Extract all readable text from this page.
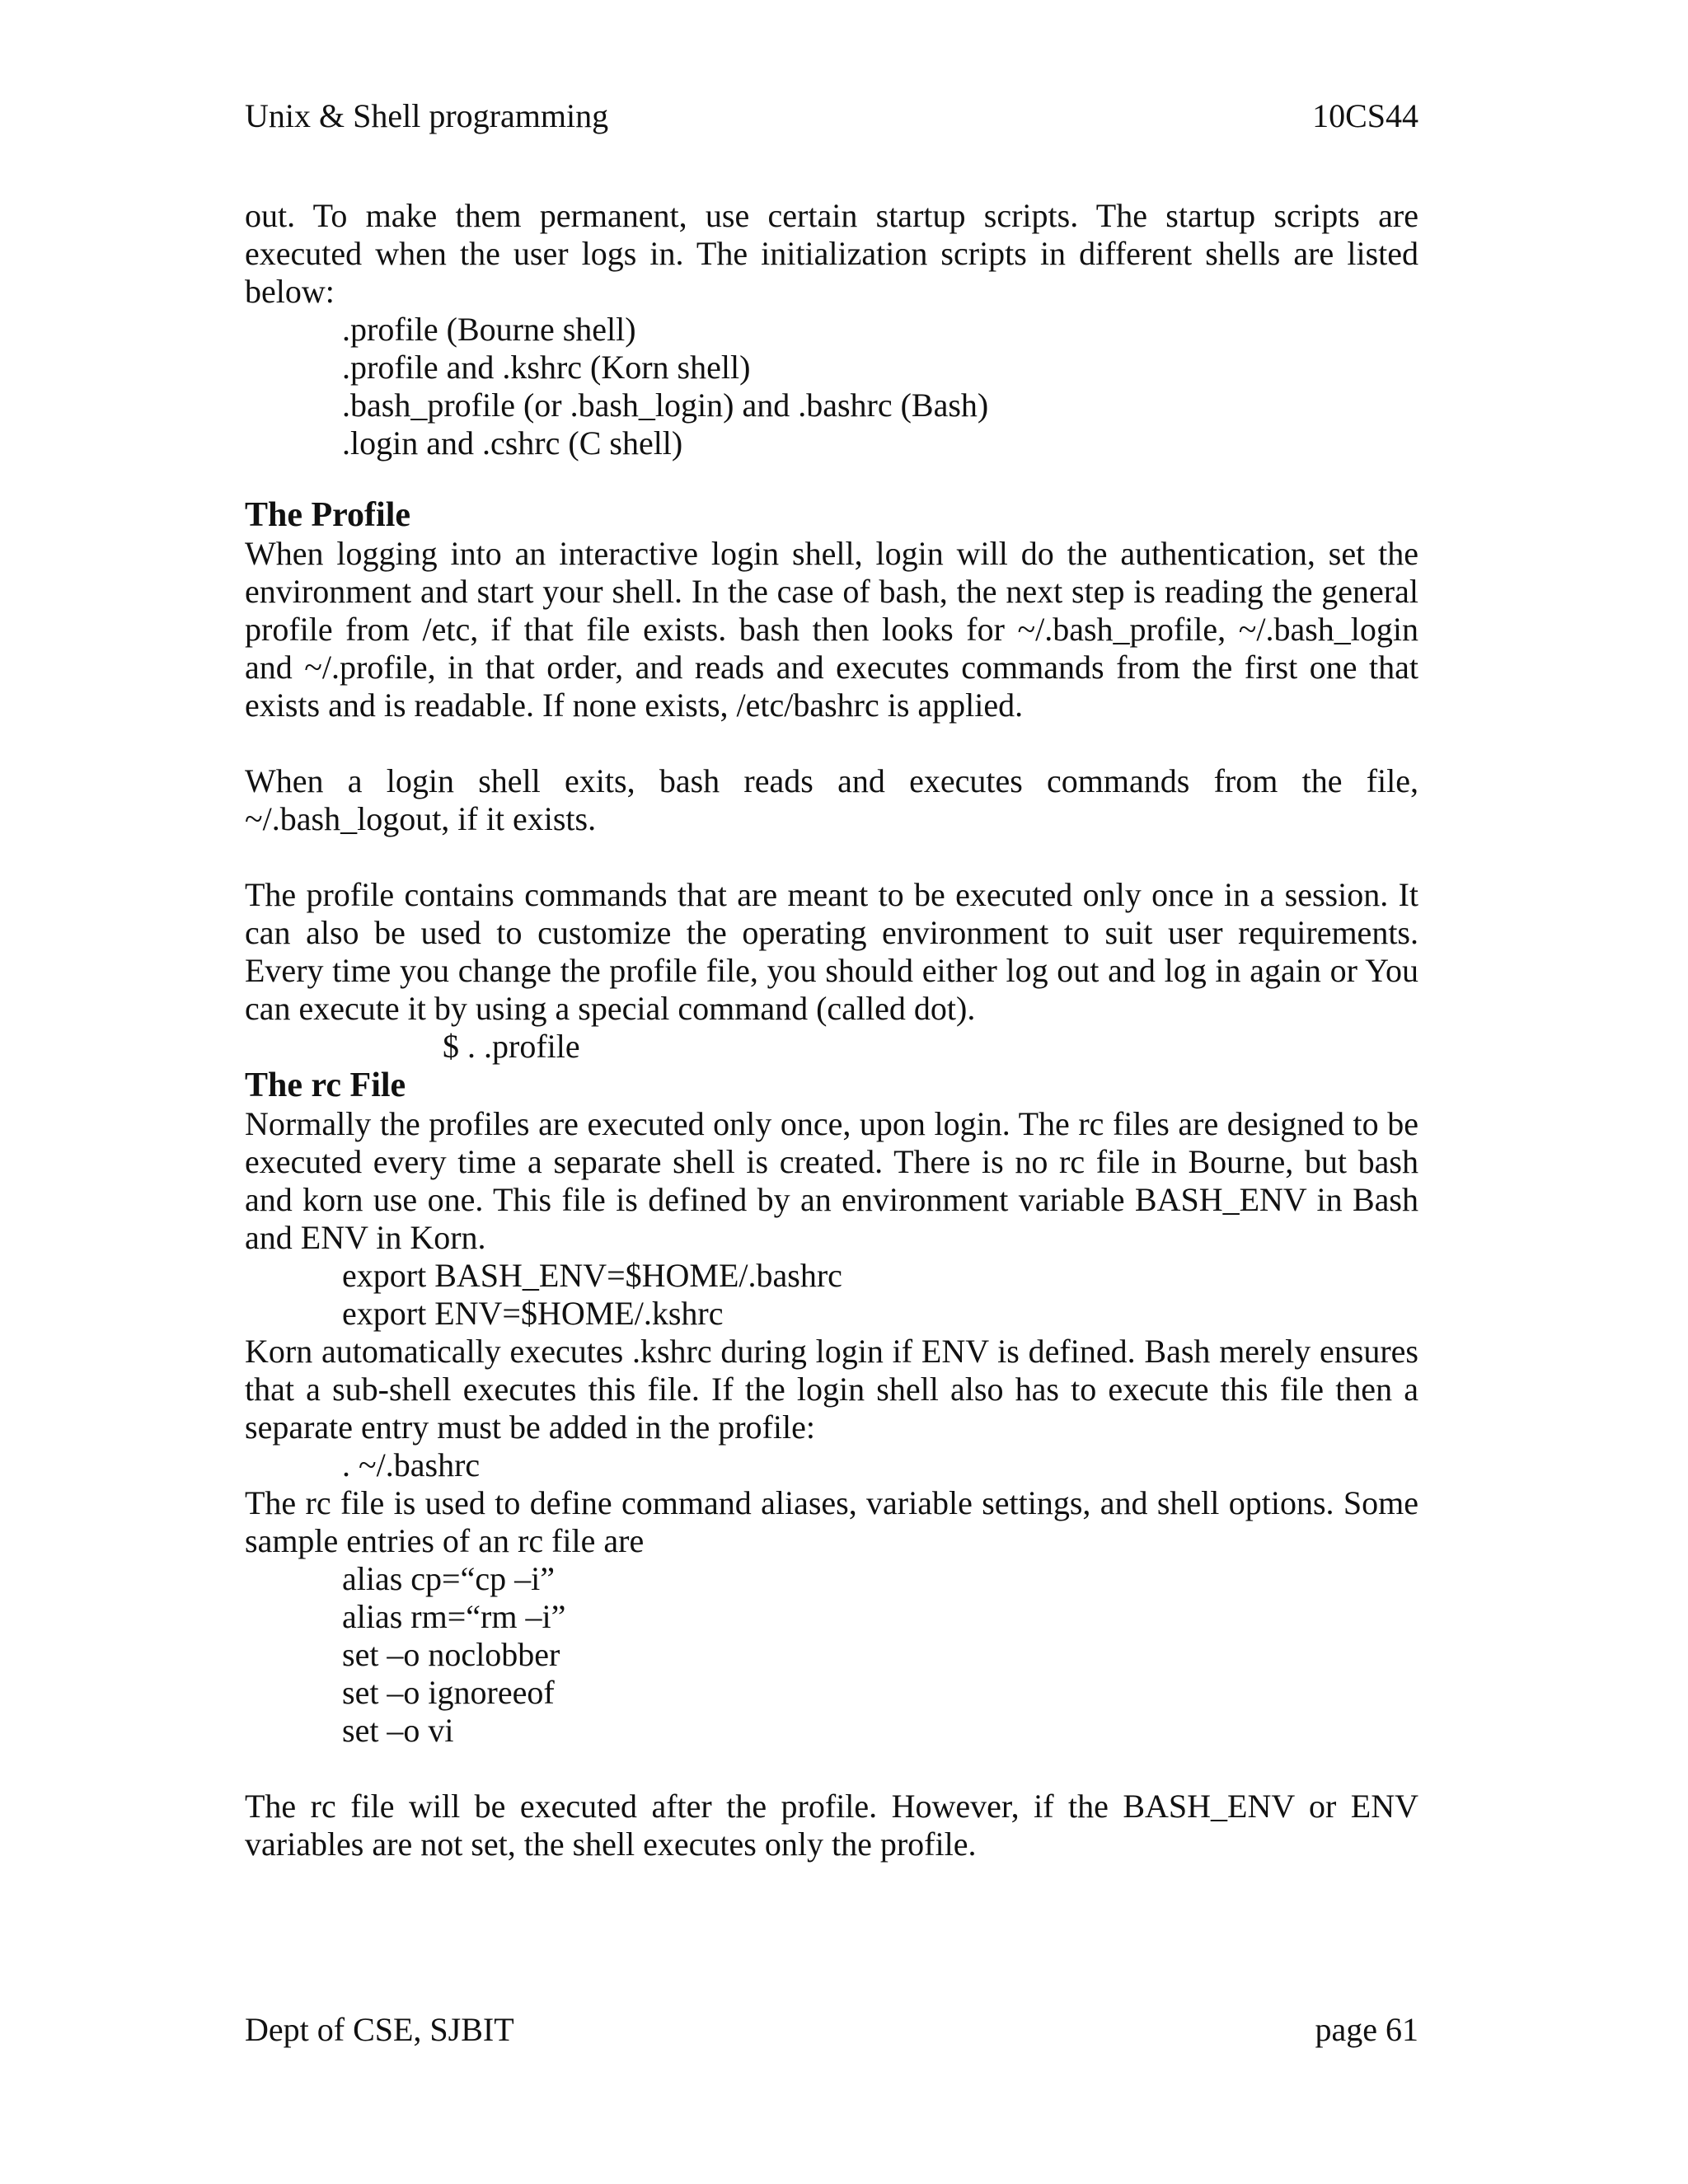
Unix & Shell programming	10CS44

out. To make them permanent, use certain startup scripts. The startup scripts are executed when the user logs in. The initialization scripts in different shells are listed below:

.profile (Bourne shell)
.profile and .kshrc (Korn shell)
.bash_profile (or .bash_login) and .bashrc (Bash)
.login and .cshrc (C shell)
The Profile

When logging into an interactive login shell, login will do the authentication, set the environment and start your shell. In the case of bash, the next step is reading the general profile from /etc, if that file exists. bash then looks for ~/.bash_profile, ~/.bash_login and ~/.profile, in that order, and reads and executes commands from the first one that exists and is readable. If none exists, /etc/bashrc is applied.

When a login shell exits, bash reads and executes commands from the file,
~/.bash_logout, if it exists.

The profile contains commands that are meant to be executed only once in a session. It can also be used to customize the operating environment to suit user requirements. Every time you change the profile file, you should either log out and log in again or You can execute it by using a special command (called dot).

$ . .profile
The rc File

Normally the profiles are executed only once, upon login. The rc files are designed to be executed every time a separate shell is created. There is no rc file in Bourne, but bash and korn use one. This file is defined by an environment variable BASH_ENV in Bash and ENV in Korn.

export BASH_ENV=$HOME/.bashrc
export ENV=$HOME/.kshrc

Korn automatically executes .kshrc during login if ENV is defined. Bash merely ensures that a sub-shell executes this file. If the login shell also has to execute this file then a separate entry must be added in the profile:

. ~/.bashrc

The rc file is used to define command aliases, variable settings, and shell options. Some sample entries of an rc file are

alias cp=“cp –i”
alias rm=“rm –i”
set –o noclobber
set –o ignoreeof
set –o vi

The rc file will be executed after the profile. However, if the BASH_ENV or ENV variables are not set, the shell executes only the profile.

Dept of CSE, SJBIT	page 61
